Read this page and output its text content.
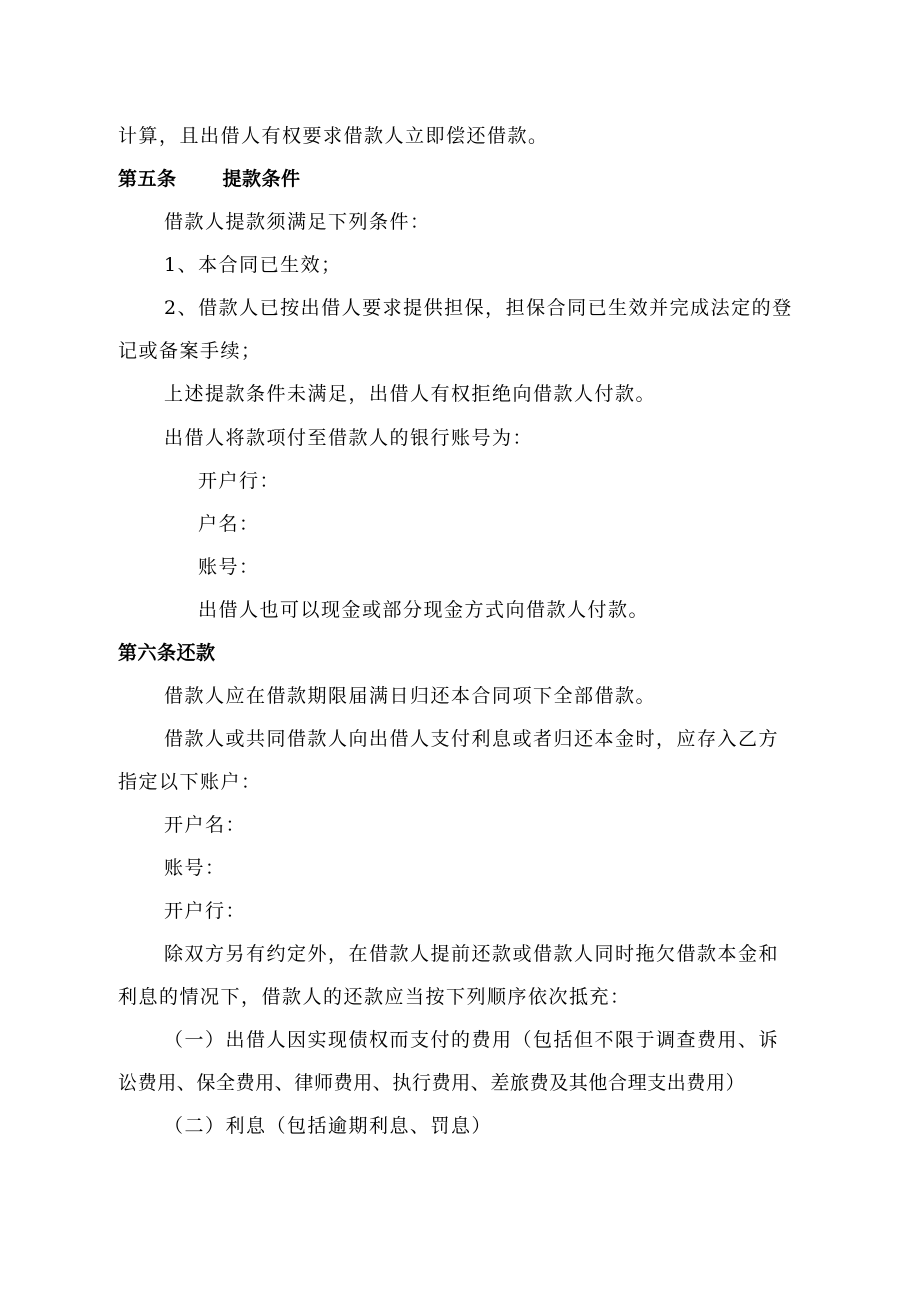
计算，且出借人有权要求借款人立即偿还借款。
第五条 提款条件
借款人提款须满足下列条件：
1、本合同已生效；
2、借款人已按出借人要求提供担保，担保合同已生效并完成法定的登
记或备案手续；
上述提款条件未满足，出借人有权拒绝向借款人付款。
出借人将款项付至借款人的银行账号为：
开户行：
户名：
账号：
出借人也可以现金或部分现金方式向借款人付款。
第六条还款
借款人应在借款期限届满日归还本合同项下全部借款。
借款人或共同借款人向出借人支付利息或者归还本金时，应存入乙方
指定以下账户：
开户名：
账号：
开户行：
除双方另有约定外，在借款人提前还款或借款人同时拖欠借款本金和
利息的情况下，借款人的还款应当按下列顺序依次抵充：
（一）出借人因实现债权而支付的费用（包括但不限于调查费用、诉
讼费用、保全费用、律师费用、执行费用、差旅费及其他合理支出费用）
（二）利息（包括逾期利息、罚息）
